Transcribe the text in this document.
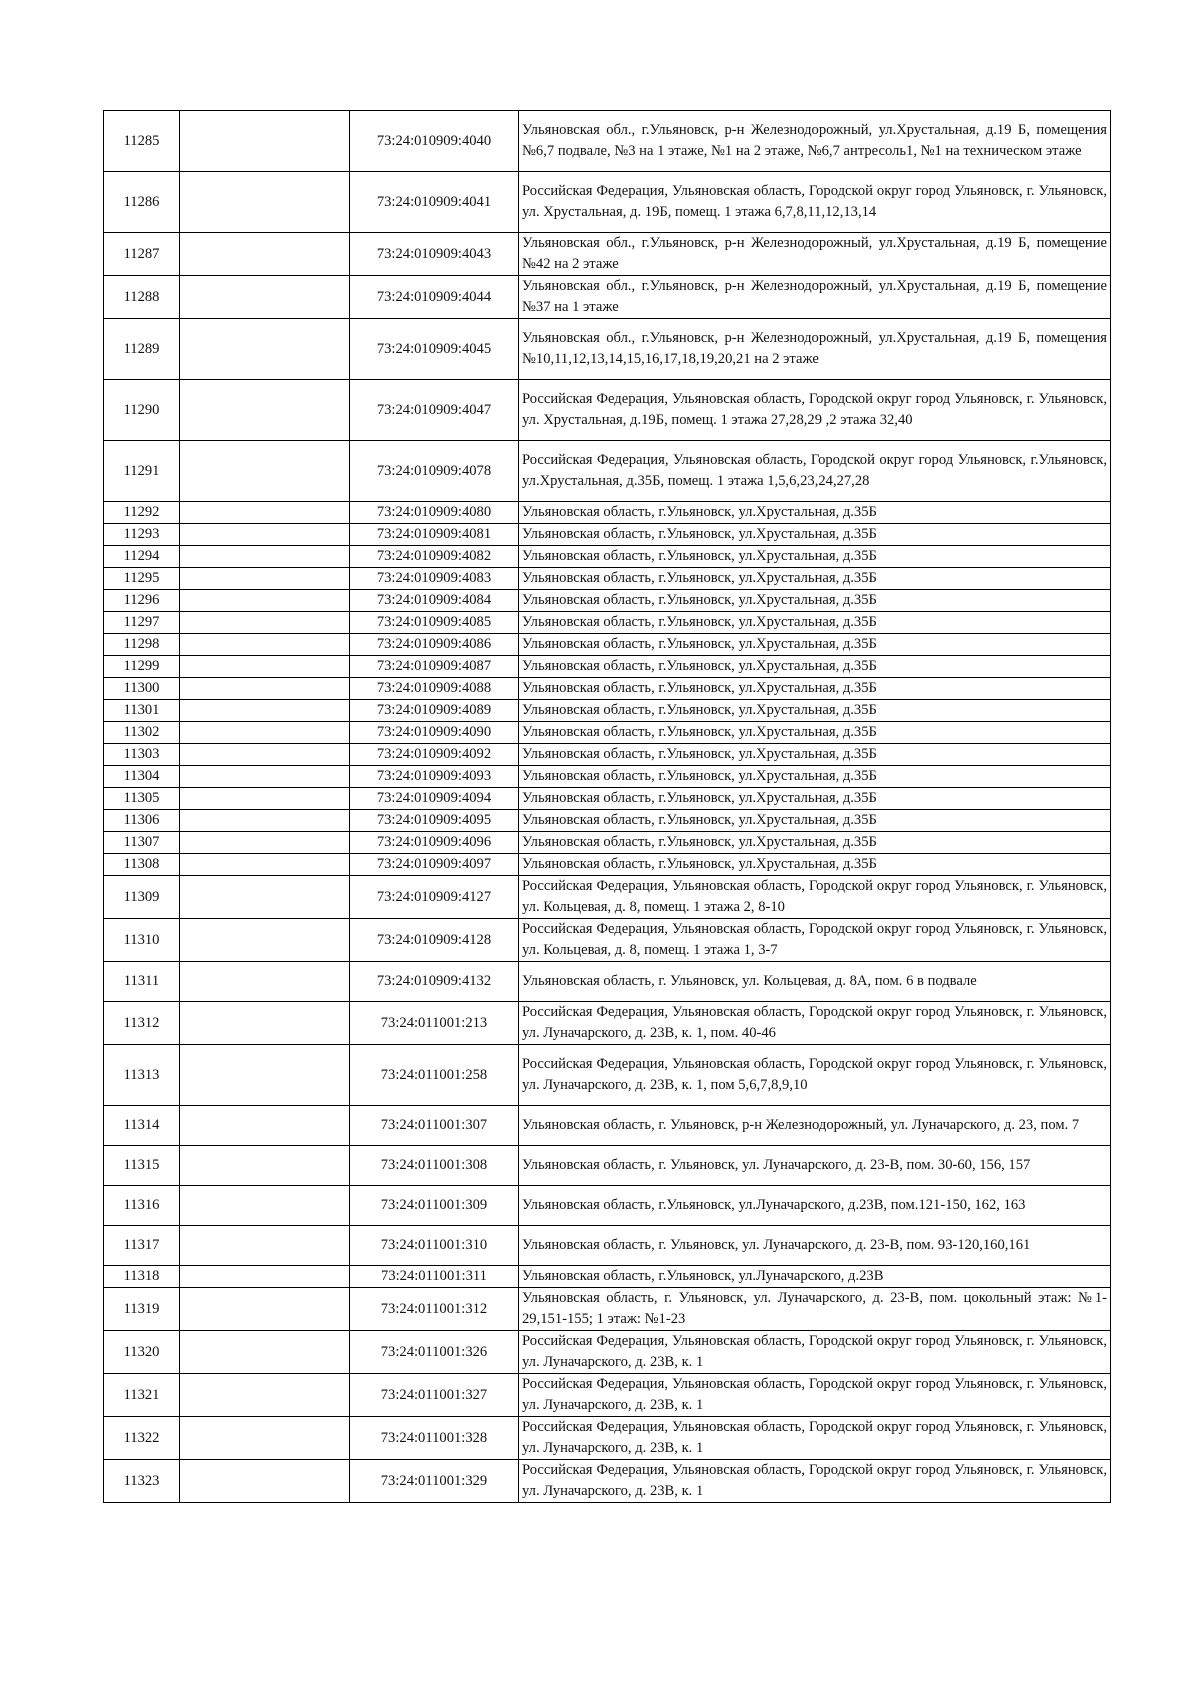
11285		73:24:010909:4040	Ульяновская обл., г.Ульяновск, р-н Железнодорожный, ул.Хрустальная, д.19 Б, помещения №6,7 подвале, №3 на 1 этаже, №1 на 2 этаже, №6,7 антресоль1, №1 на техническом этаже
11286		73:24:010909:4041	Российская Федерация, Ульяновская область, Городской округ город Ульяновск, г. Ульяновск, ул. Хрустальная, д. 19Б, помещ. 1 этажа 6,7,8,11,12,13,14
11287		73:24:010909:4043	Ульяновская обл., г.Ульяновск, р-н Железнодорожный, ул.Хрустальная, д.19 Б, помещение №42 на 2 этаже
11288		73:24:010909:4044	Ульяновская обл., г.Ульяновск, р-н Железнодорожный, ул.Хрустальная, д.19 Б, помещение №37 на 1 этаже
11289		73:24:010909:4045	Ульяновская обл., г.Ульяновск, р-н Железнодорожный, ул.Хрустальная, д.19 Б, помещения №10,11,12,13,14,15,16,17,18,19,20,21 на 2 этаже
11290		73:24:010909:4047	Российская Федерация, Ульяновская область, Городской округ город Ульяновск, г. Ульяновск, ул. Хрустальная, д.19Б, помещ. 1 этажа 27,28,29 ,2 этажа 32,40
11291		73:24:010909:4078	Российская Федерация, Ульяновская область, Городской округ город Ульяновск, г.Ульяновск, ул.Хрустальная, д.35Б, помещ. 1 этажа 1,5,6,23,24,27,28
11292		73:24:010909:4080	Ульяновская область, г.Ульяновск, ул.Хрустальная, д.35Б
11293		73:24:010909:4081	Ульяновская область, г.Ульяновск, ул.Хрустальная, д.35Б
11294		73:24:010909:4082	Ульяновская область, г.Ульяновск, ул.Хрустальная, д.35Б
11295		73:24:010909:4083	Ульяновская область, г.Ульяновск, ул.Хрустальная, д.35Б
11296		73:24:010909:4084	Ульяновская область, г.Ульяновск, ул.Хрустальная, д.35Б
11297		73:24:010909:4085	Ульяновская область, г.Ульяновск, ул.Хрустальная, д.35Б
11298		73:24:010909:4086	Ульяновская область, г.Ульяновск, ул.Хрустальная, д.35Б
11299		73:24:010909:4087	Ульяновская область, г.Ульяновск, ул.Хрустальная, д.35Б
11300		73:24:010909:4088	Ульяновская область, г.Ульяновск, ул.Хрустальная, д.35Б
11301		73:24:010909:4089	Ульяновская область, г.Ульяновск, ул.Хрустальная, д.35Б
11302		73:24:010909:4090	Ульяновская область, г.Ульяновск, ул.Хрустальная, д.35Б
11303		73:24:010909:4092	Ульяновская область, г.Ульяновск, ул.Хрустальная, д.35Б
11304		73:24:010909:4093	Ульяновская область, г.Ульяновск, ул.Хрустальная, д.35Б
11305		73:24:010909:4094	Ульяновская область, г.Ульяновск, ул.Хрустальная, д.35Б
11306		73:24:010909:4095	Ульяновская область, г.Ульяновск, ул.Хрустальная, д.35Б
11307		73:24:010909:4096	Ульяновская область, г.Ульяновск, ул.Хрустальная, д.35Б
11308		73:24:010909:4097	Ульяновская область, г.Ульяновск, ул.Хрустальная, д.35Б
11309		73:24:010909:4127	Российская Федерация, Ульяновская область, Городской округ город Ульяновск, г. Ульяновск, ул. Кольцевая, д. 8, помещ. 1 этажа 2, 8-10
11310		73:24:010909:4128	Российская Федерация, Ульяновская область, Городской округ город Ульяновск, г. Ульяновск, ул. Кольцевая, д. 8, помещ. 1 этажа 1, 3-7
11311		73:24:010909:4132	Ульяновская область, г. Ульяновск, ул. Кольцевая, д. 8А, пом. 6 в подвале
11312		73:24:011001:213	Российская Федерация, Ульяновская область, Городской округ город Ульяновск, г. Ульяновск, ул. Луначарского, д. 23В, к. 1, пом. 40-46
11313		73:24:011001:258	Российская Федерация, Ульяновская область, Городской округ город Ульяновск, г. Ульяновск, ул. Луначарского, д. 23В, к. 1, пом 5,6,7,8,9,10
11314		73:24:011001:307	Ульяновская область, г. Ульяновск, р-н Железнодорожный, ул. Луначарского, д. 23, пом. 7
11315		73:24:011001:308	Ульяновская область, г. Ульяновск, ул. Луначарского, д. 23-В, пом. 30-60, 156, 157
11316		73:24:011001:309	Ульяновская область, г.Ульяновск, ул.Луначарского, д.23В, пом.121-150, 162, 163
11317		73:24:011001:310	Ульяновская область, г. Ульяновск, ул. Луначарского, д. 23-В, пом. 93-120,160,161
11318		73:24:011001:311	Ульяновская область, г.Ульяновск, ул.Луначарского, д.23В
11319		73:24:011001:312	Ульяновская область, г. Ульяновск, ул. Луначарского, д. 23-В, пом. цокольный этаж: №1-29,151-155; 1 этаж: №1-23
11320		73:24:011001:326	Российская Федерация, Ульяновская область, Городской округ город Ульяновск, г. Ульяновск, ул. Луначарского, д. 23В, к. 1
11321		73:24:011001:327	Российская Федерация, Ульяновская область, Городской округ город Ульяновск, г. Ульяновск, ул. Луначарского, д. 23В, к. 1
11322		73:24:011001:328	Российская Федерация, Ульяновская область, Городской округ город Ульяновск, г. Ульяновск, ул. Луначарского, д. 23В, к. 1
11323		73:24:011001:329	Российская Федерация, Ульяновская область, Городской округ город Ульяновск, г. Ульяновск, ул. Луначарского, д. 23В, к. 1
